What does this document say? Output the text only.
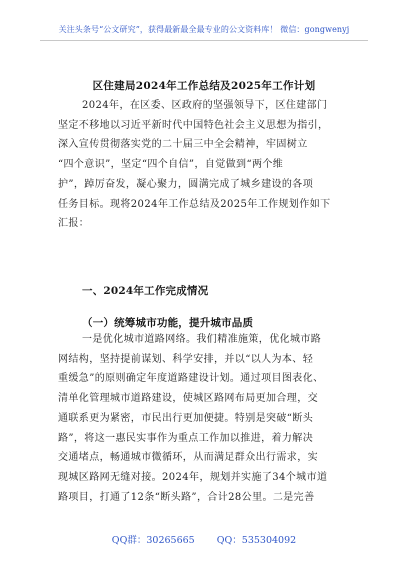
关注头条号“公文研究”，获得最新最全最专业的公文资料库！ 微信：gongwenyj
区住建局2024年工作总结及2025年工作计划
2024年，在区委、区政府的坚强领导下，区住建部门
坚定不移地以习近平新时代中国特色社会主义思想为指引，
深入宣传贯彻落实党的二十届三中全会精神，牢固树立
“四个意识”，坚定“四个自信”，自觉做到“两个维
护”，踔厉奋发，凝心聚力，圆满完成了城乡建设的各项
任务目标。现将2024年工作总结及2025年工作规划作如下
汇报：
一、2024年工作完成情况
（一）统筹城市功能，提升城市品质
一是优化城市道路网络。我们精准施策，优化城市路
网结构，坚持提前谋划、科学安排，并以“以人为本、轻
重缓急”的原则确定年度道路建设计划。通过项目图表化、
清单化管理城市道路建设，使城区路网布局更加合理，交
通联系更为紧密，市民出行更加便捷。特别是突破“断头
路”，将这一惠民实事作为重点工作加以推进，着力解决
交通堵点，畅通城市微循环，从而满足群众出行需求，实
现城区路网无缝对接。2024年，规划并实施了34个城市道
路项目，打通了12条“断头路”，合计28公里。二是完善
QQ群：30265665 QQ：535304092
